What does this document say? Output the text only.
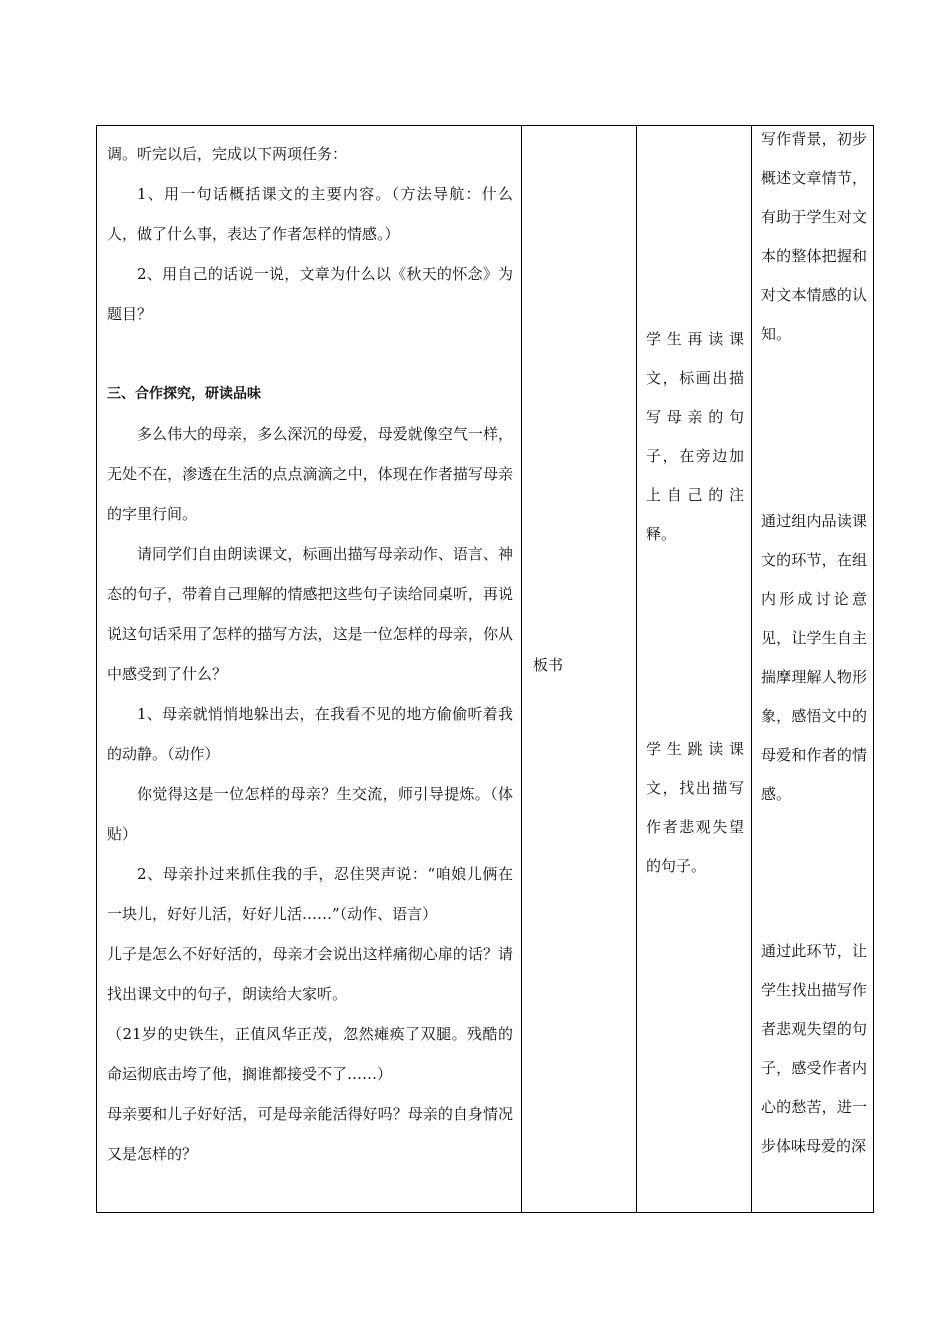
调。听完以后，完成以下两项任务：

1、用一句话概括课文的主要内容。（方法导航：什么人，做了什么事，表达了作者怎样的情感。）

2、用自己的话说一说，文章为什么以《秋天的怀念》为题目？

三、合作探究，研读品味

多么伟大的母亲，多么深沉的母爱，母爱就像空气一样，无处不在，渗透在生活的点点滴滴之中，体现在作者描写母亲的字里行间。

请同学们自由朗读课文，标画出描写母亲动作、语言、神态的句子，带着自己理解的情感把这些句子读给同桌听，再说说这句话采用了怎样的描写方法，这是一位怎样的母亲，你从中感受到了什么？

1、母亲就悄悄地躲出去，在我看不见的地方偷偷听着我的动静。（动作）

你觉得这是一位怎样的母亲？生交流，师引导提炼。（体贴）

2、母亲扑过来抓住我的手，忍住哭声说：“咱娘儿俩在一块儿，好好儿活，好好儿活……”（动作、语言）

儿子是怎么不好好活的，母亲才会说出这样痛彻心扉的话？请找出课文中的句子，朗读给大家听。

（21岁的史铁生，正值风华正茂，忽然瘫痪了双腿。残酷的命运彻底击垮了他，搁谁都接受不了……）

母亲要和儿子好好活，可是母亲能活得好吗？母亲的自身情况又是怎样的？

板书
学生再读课文，标画出描写母亲的句子，在旁边加上自己的注释。
学生跳读课文，找出描写作者悲观失望的句子。
写作背景，初步概述文章情节，有助于学生对文本的整体把握和对文本情感的认知。
通过组内品读课文的环节，在组内形成讨论意见，让学生自主揣摩理解人物形象，感悟文中的母爱和作者的情感。
通过此环节，让学生找出描写作者悲观失望的句子，感受作者内心的愁苦，进一步体味母爱的深
